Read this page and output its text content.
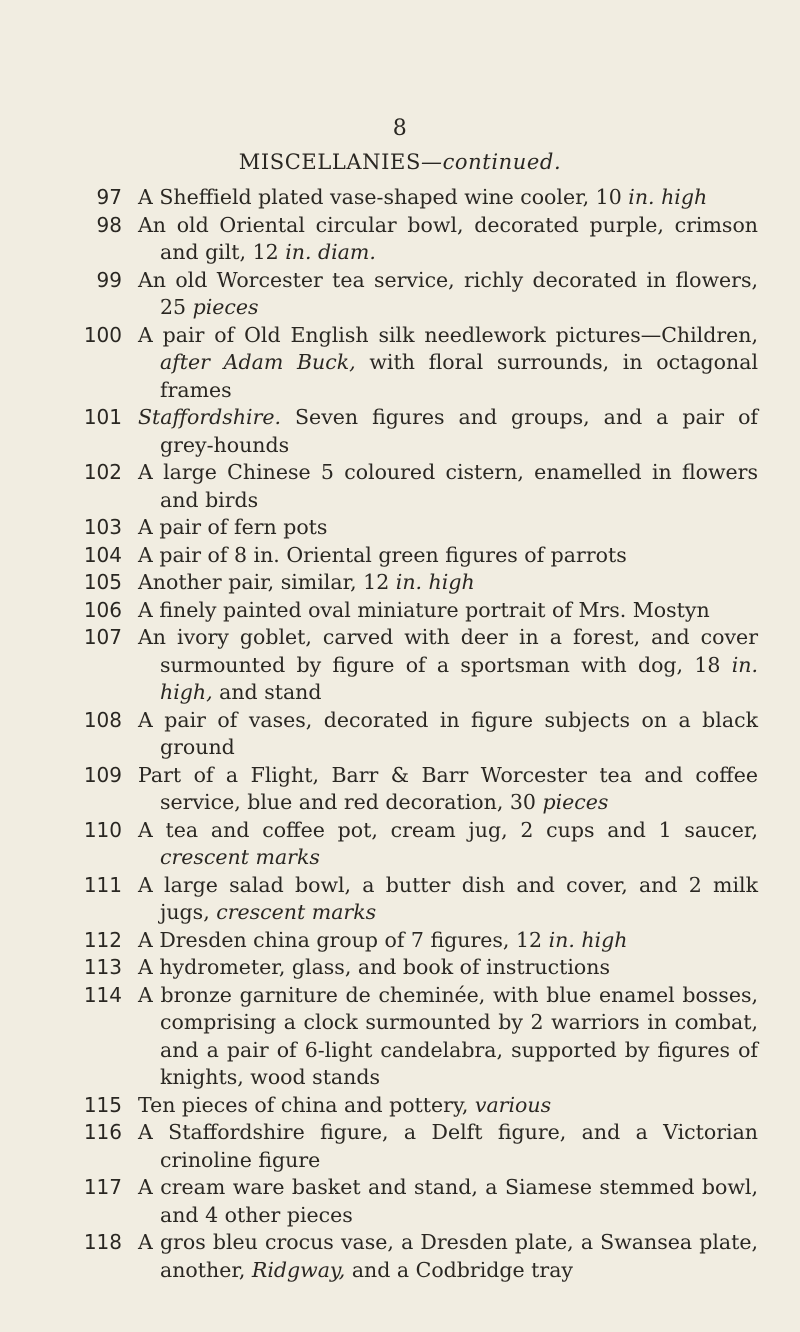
8
MISCELLANIES—continued.
97 A Sheffield plated vase-shaped wine cooler, 10 in. high
98 An old Oriental circular bowl, decorated purple, crimson and gilt, 12 in. diam.
99 An old Worcester tea service, richly decorated in flowers, 25 pieces
100 A pair of Old English silk needlework pictures—Children, after Adam Buck, with floral surrounds, in octagonal frames
101 Staffordshire. Seven figures and groups, and a pair of grey-hounds
102 A large Chinese 5 coloured cistern, enamelled in flowers and birds
103 A pair of fern pots
104 A pair of 8 in. Oriental green figures of parrots
105 Another pair, similar, 12 in. high
106 A finely painted oval miniature portrait of Mrs. Mostyn
107 An ivory goblet, carved with deer in a forest, and cover surmounted by figure of a sportsman with dog, 18 in. high, and stand
108 A pair of vases, decorated in figure subjects on a black ground
109 Part of a Flight, Barr & Barr Worcester tea and coffee service, blue and red decoration, 30 pieces
110 A tea and coffee pot, cream jug, 2 cups and 1 saucer, crescent marks
111 A large salad bowl, a butter dish and cover, and 2 milk jugs, crescent marks
112 A Dresden china group of 7 figures, 12 in. high
113 A hydrometer, glass, and book of instructions
114 A bronze garniture de cheminée, with blue enamel bosses, comprising a clock surmounted by 2 warriors in combat, and a pair of 6-light candelabra, supported by figures of knights, wood stands
115 Ten pieces of china and pottery, various
116 A Staffordshire figure, a Delft figure, and a Victorian crinoline figure
117 A cream ware basket and stand, a Siamese stemmed bowl, and 4 other pieces
118 A gros bleu crocus vase, a Dresden plate, a Swansea plate, another, Ridgway, and a Codbridge tray
